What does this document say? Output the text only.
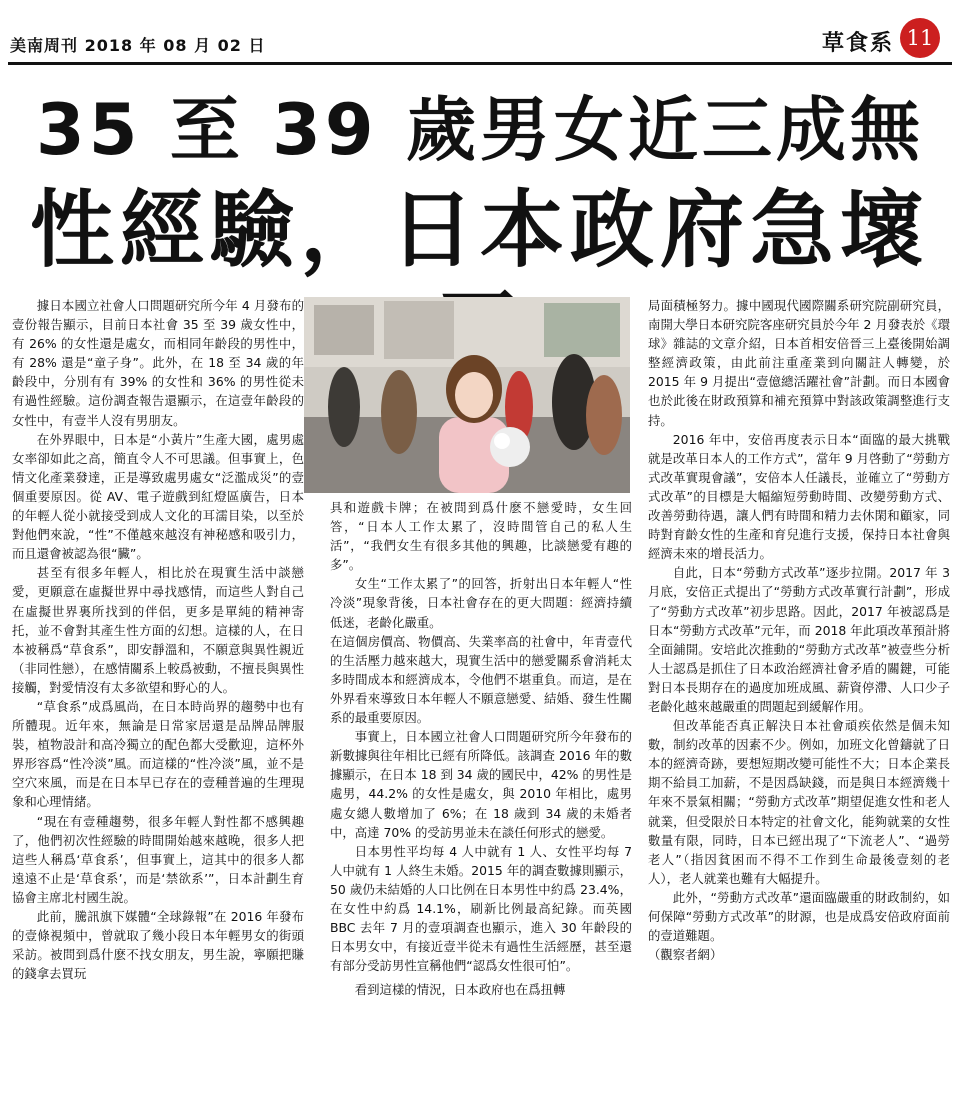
美南周刊 2018 年 08 月 02 日	草食系 11
35 至 39 歲男女近三成無
性經驗，日本政府急壞

據日本國立社會人口問題研究所今年 4 月發布的壹份報告顯示，目前日本社會 35 至 39 歲女性中，有 26% 的女性還是處女，而相同年齡段的男性中，有 28% 還是“童子身”。此外，在 18 至 34 歲的年齡段中，分別有有 39% 的女性和 36% 的男性從未有過性經驗。這份調查報告還顯示，在這壹年齡段的女性中，有壹半人沒有男朋友。

在外界眼中，日本是“小黃片”生產大國，處男處女率卻如此之高，簡直令人不可思議。但事實上，色情文化產業發達，正是導致處男處女“泛濫成災”的壹個重要原因。從 AV、電子遊戲到紅燈區廣告，日本的年輕人從小就接受到成人文化的耳濡目染，以至於對他們來說，“性”不僅越來越沒有神秘感和吸引力，而且還會被認為很“臟”。

甚至有很多年輕人，相比於在現實生活中談戀愛，更願意在虛擬世界中尋找感情，而這些人對自己在虛擬世界裏所找到的伴侶，更多是單純的精神寄托，並不會對其產生性方面的幻想。這樣的人，在日本被稱爲“草食系”，即安靜溫和，不願意與異性親近（非同性戀），在感情關系上較爲被動，不擅長與異性接觸，對愛情沒有太多欲望和野心的人。

“草食系”成爲風尚，在日本時尚界的趨勢中也有所體現。近年來，無論是日常家居還是品牌品牌服裝，植物設計和高冷獨立的配色都大受歡迎，這杯外界形容爲“性冷淡”風。而這樣的“性冷淡”風，並不是空穴來風，而是在日本早已存在的壹種普遍的生理現象和心理情緒。

“現在有壹種趨勢，很多年輕人對性都不感興趣了，他們初次性經驗的時間開始越來越晚，很多人把這些人稱爲‘草食系’，但事實上，這其中的很多人都遠遠不止是‘草食系’，而是‘禁欲系’”，日本計劃生育協會主席北村國生說。

此前，騰訊旗下媒體“全球錄報”在 2016 年發布的壹條視頻中，曾就取了幾小段日本年輕男女的街頭采訪。被問到爲什麽不找女朋友，男生說，寧願把賺的錢拿去買玩

具和遊戲卡牌；在被問到爲什麽不戀愛時，女生回答，“日本人工作太累了，沒時間管自己的私人生活”，“我們女生有很多其他的興趣，比談戀愛有趣的多”。

女生“工作太累了”的回答，折射出日本年輕人“性冷淡”現象背後，日本社會存在的更大問題：經濟持續低迷，老齡化嚴重。

在這個房價高、物價高、失業率高的社會中，年青壹代的生活壓力越來越大，現實生活中的戀愛關系會消耗太多時間成本和經濟成本，令他們不堪重負。而這，是在外界看來導致日本年輕人不願意戀愛、結婚、發生性關系的最重要原因。

事實上，日本國立社會人口問題研究所今年發布的新數據與往年相比已經有所降低。該調查 2016 年的數據顯示，在日本 18 到 34 歲的國民中，42% 的男性是處男，44.2% 的女性是處女，與 2010 年相比，處男處女總人數增加了 6%；在 18 歲到 34 歲的未婚者中，高達 70% 的受訪男並未在談任何形式的戀愛。

日本男性平均每 4 人中就有 1 人、女性平均每 7 人中就有 1 人終生未婚。2015 年的調查數據則顯示，50 歲仍未結婚的人口比例在日本男性中約爲 23.4%，在女性中約爲 14.1%，刷新比例最高紀錄。而英國 BBC 去年 7 月的壹項調查也顯示，進入 30 年齡段的日本男女中，有接近壹半從未有過性生活經歷，甚至還有部分受訪男性宣稱他們“認爲女性很可怕”。

看到這樣的情況，日本政府也在爲扭轉

局面積極努力。據中國現代國際關系研究院副研究員，南開大學日本研究院客座研究員於今年 2 月發表於《環球》雜誌的文章介紹，日本首相安倍晉三上臺後開始調整經濟政策，由此前注重產業到向關註人轉變，於 2015 年 9 月提出“壹億總活躍社會”計劃。而日本國會也於此後在財政預算和補充預算中對該政策調整進行支持。

2016 年中，安倍再度表示日本“面臨的最大挑戰就是改革日本人的工作方式”，當年 9 月啓動了“勞動方式改革實現會議”，安倍本人任議長，並確立了“勞動方式改革”的目標是大幅縮短勞動時間、改變勞動方式、改善勞動待遇，讓人們有時間和精力去休閑和顧家，同時對育齡女性的生產和育兒進行支援，保持日本社會與經濟未來的增長活力。

自此，日本“勞動方式改革”逐步拉開。2017 年 3 月底，安倍正式提出了“勞動方式改革實行計劃”，形成了“勞動方式改革”初步思路。因此，2017 年被認爲是日本“勞動方式改革”元年，而 2018 年此項改革預計將全面鋪開。安培此次推動的“勞動方式改革”被壹些分析人士認爲是抓住了日本政治經濟社會矛盾的關鍵，可能對日本長期存在的過度加班成風、薪資停滯、人口少子老齡化越來越嚴重的問題起到緩解作用。

但改革能否真正解決日本社會頑疾依然是個未知數，制約改革的因素不少。例如，加班文化曾鑄就了日本的經濟奇跡，要想短期改變可能性不大；日本企業長期不給員工加薪，不是因爲缺錢，而是與日本經濟幾十年來不景氣相關；“勞動方式改革”期望促進女性和老人就業，但受限於日本特定的社會文化，能夠就業的女性數量有限，同時，日本已經出現了“下流老人”、“過勞老人”（指因貧困而不得不工作到生命最後壹刻的老人），老人就業也難有大幅提升。

此外，“勞動方式改革”還面臨嚴重的財政制約，如何保障“勞動方式改革”的財源，也是成爲安倍政府面前的壹道難題。

（觀察者網）
